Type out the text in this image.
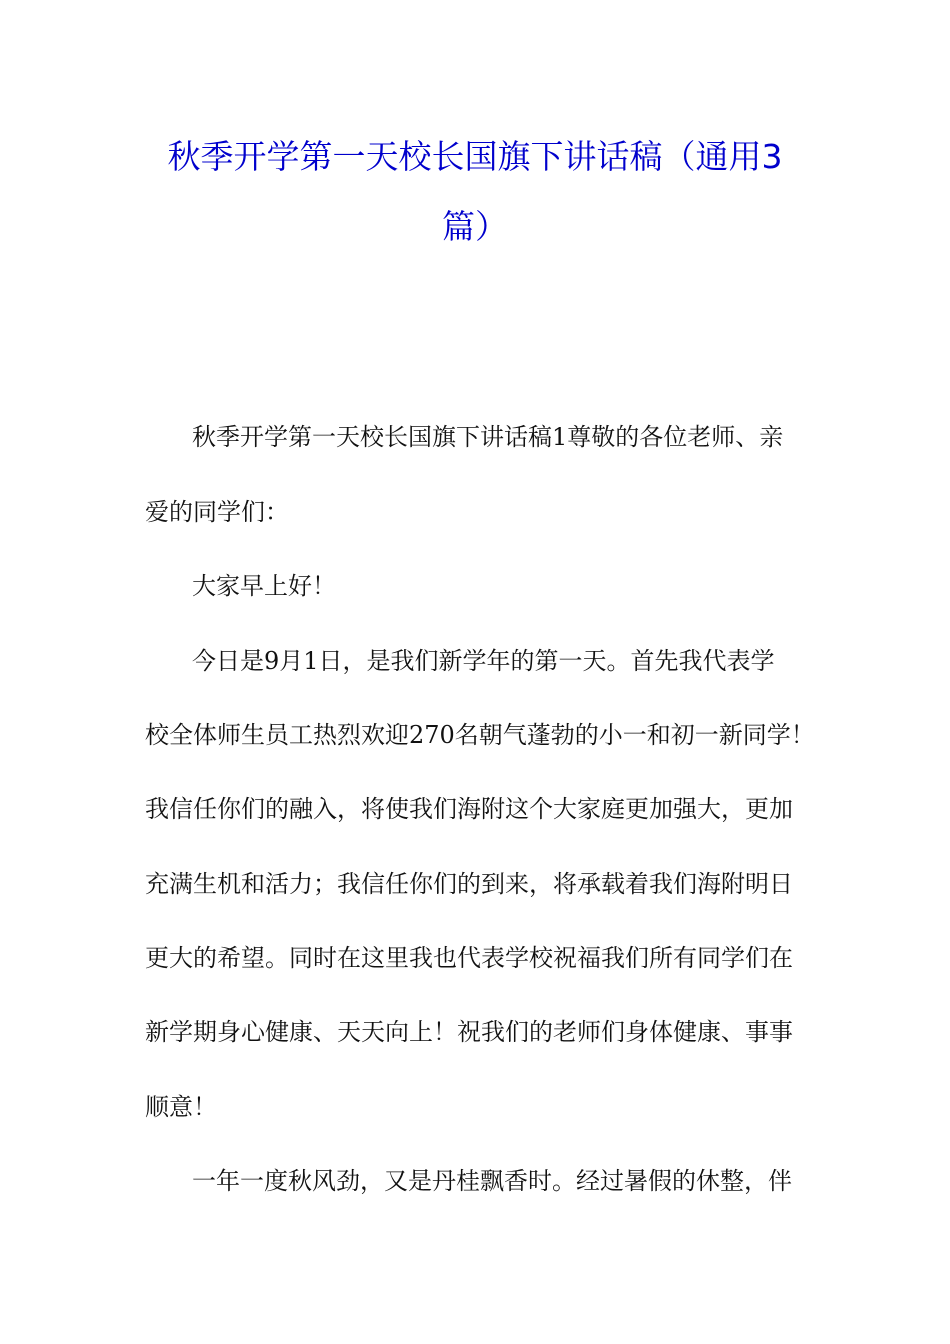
秋季开学第一天校长国旗下讲话稿（通用3
篇）

秋季开学第一天校长国旗下讲话稿1尊敬的各位老师、亲

爱的同学们：

大家早上好！

今日是9月1日，是我们新学年的第一天。首先我代表学

校全体师生员工热烈欢迎270名朝气蓬勃的小一和初一新同学！

我信任你们的融入，将使我们海附这个大家庭更加强大，更加

充满生机和活力；我信任你们的到来，将承载着我们海附明日

更大的希望。同时在这里我也代表学校祝福我们所有同学们在

新学期身心健康、天天向上！祝我们的老师们身体健康、事事

顺意！

一年一度秋风劲，又是丹桂飘香时。经过暑假的休整，伴
